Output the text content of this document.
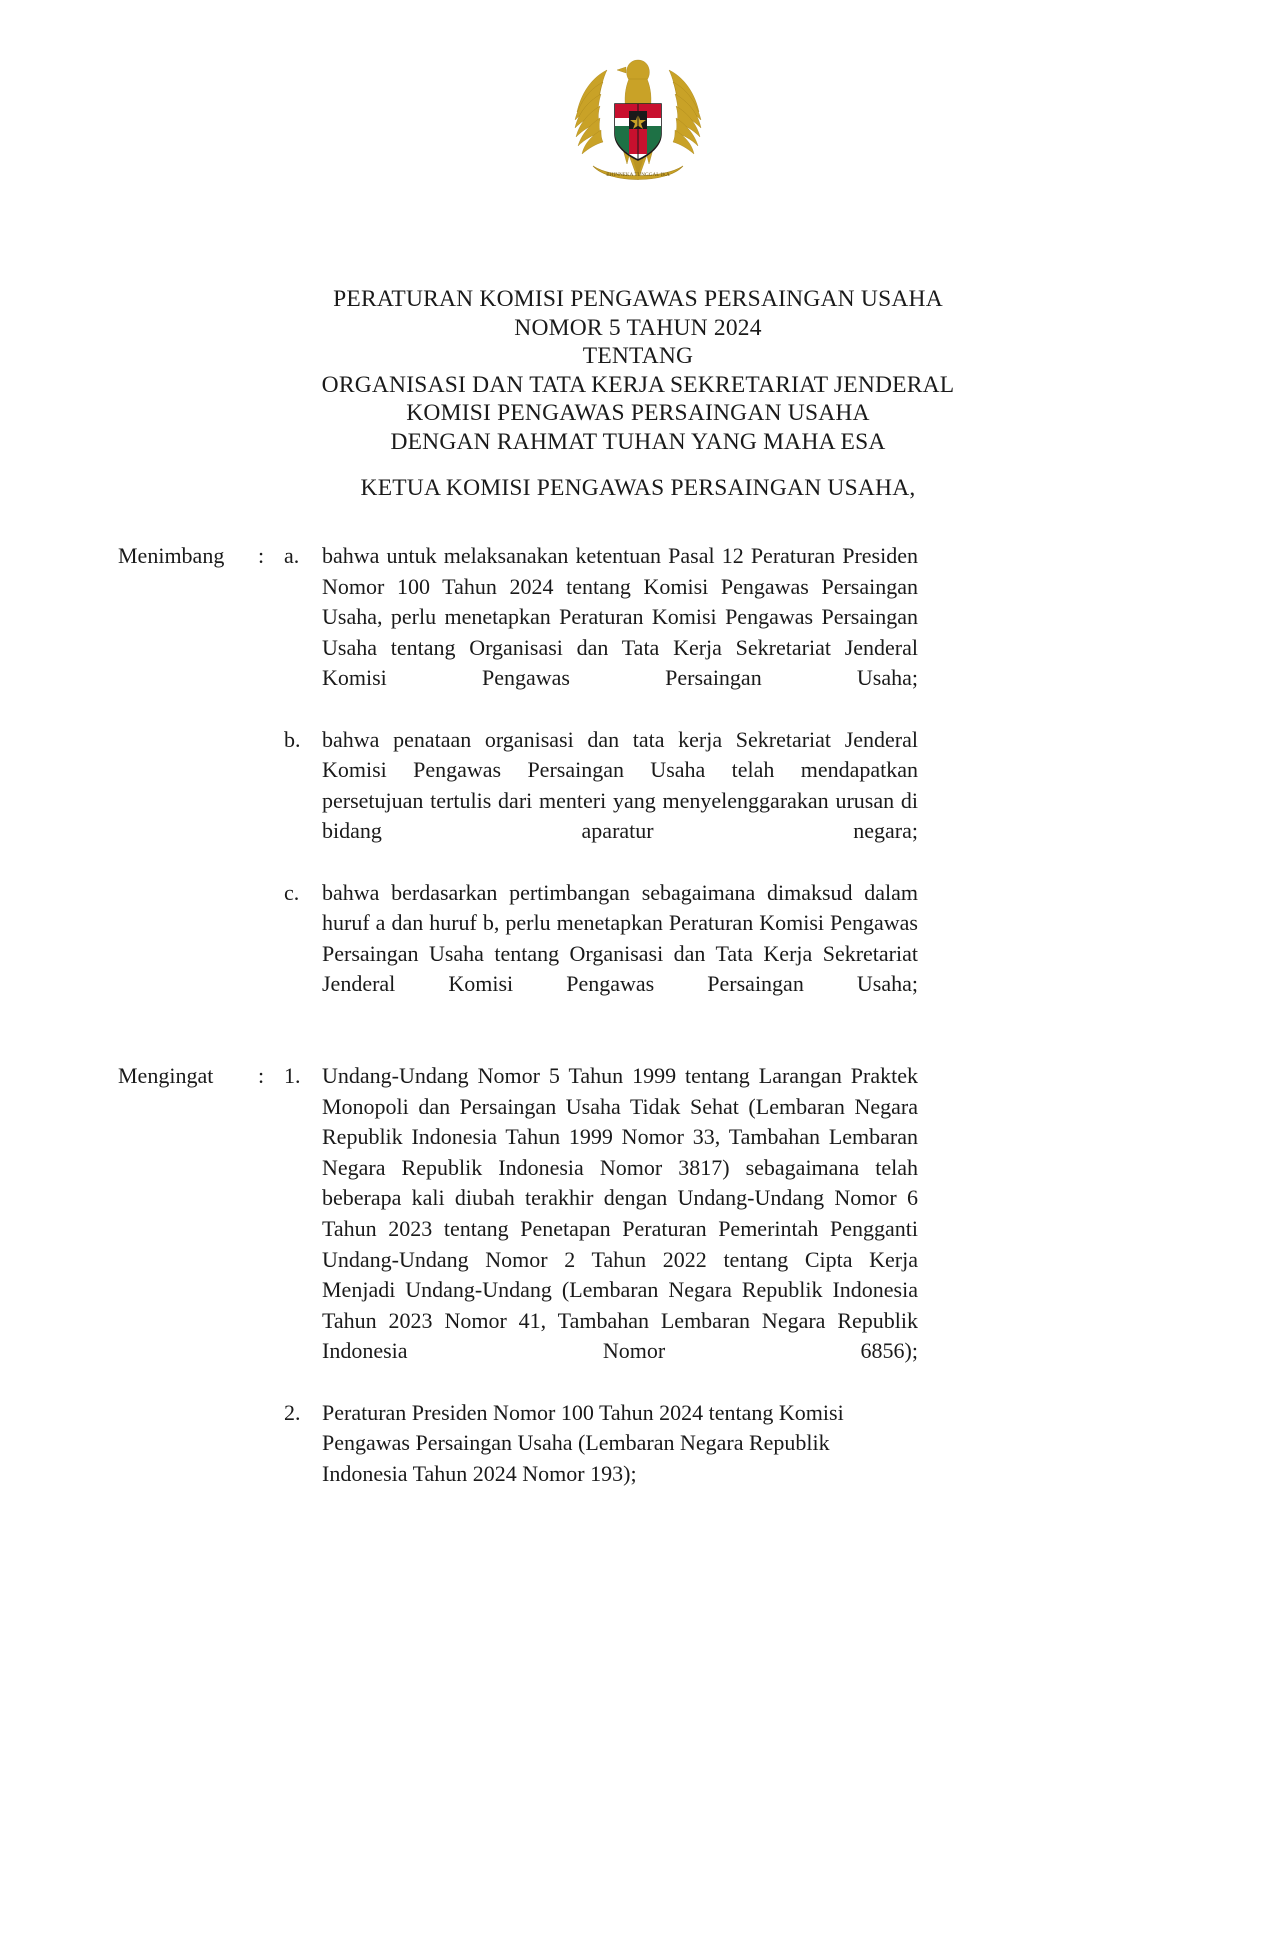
BHINNEKA TUNGGAL IKA
PERATURAN KOMISI PENGAWAS PERSAINGAN USAHA
NOMOR 5 TAHUN 2024
TENTANG
ORGANISASI DAN TATA KERJA SEKRETARIAT JENDERAL
KOMISI PENGAWAS PERSAINGAN USAHA
DENGAN RAHMAT TUHAN YANG MAHA ESA
KETUA KOMISI PENGAWAS PERSAINGAN USAHA,
Menimbang	: a.	bahwa untuk melaksanakan ketentuan Pasal 12 Peraturan Presiden Nomor 100 Tahun 2024 tentang Komisi Pengawas Persaingan Usaha, perlu menetapkan Peraturan Komisi Pengawas Persaingan Usaha tentang Organisasi dan Tata Kerja Sekretariat Jenderal Komisi Pengawas Persaingan Usaha;
b. bahwa penataan organisasi dan tata kerja Sekretariat Jenderal Komisi Pengawas Persaingan Usaha telah mendapatkan persetujuan tertulis dari menteri yang menyelenggarakan urusan di bidang aparatur negara;
c.	bahwa berdasarkan pertimbangan sebagaimana dimaksud dalam huruf a dan huruf b, perlu menetapkan Peraturan Komisi Pengawas Persaingan Usaha tentang Organisasi dan Tata Kerja Sekretariat Jenderal Komisi Pengawas Persaingan Usaha;
Mengingat	: 1. Undang-Undang Nomor 5 Tahun 1999 tentang Larangan Praktek Monopoli dan Persaingan Usaha Tidak Sehat (Lembaran Negara Republik Indonesia Tahun 1999 Nomor 33, Tambahan Lembaran Negara Republik Indonesia Nomor 3817) sebagaimana telah beberapa kali diubah terakhir dengan Undang-Undang Nomor 6 Tahun 2023 tentang Penetapan Peraturan Pemerintah Pengganti Undang-Undang Nomor 2 Tahun 2022 tentang Cipta Kerja Menjadi Undang-Undang (Lembaran Negara Republik Indonesia Tahun 2023 Nomor 41, Tambahan Lembaran Negara Republik Indonesia Nomor 6856);
2. Peraturan Presiden Nomor 100 Tahun 2024 tentang Komisi Pengawas Persaingan Usaha (Lembaran Negara Republik Indonesia Tahun 2024 Nomor 193);
